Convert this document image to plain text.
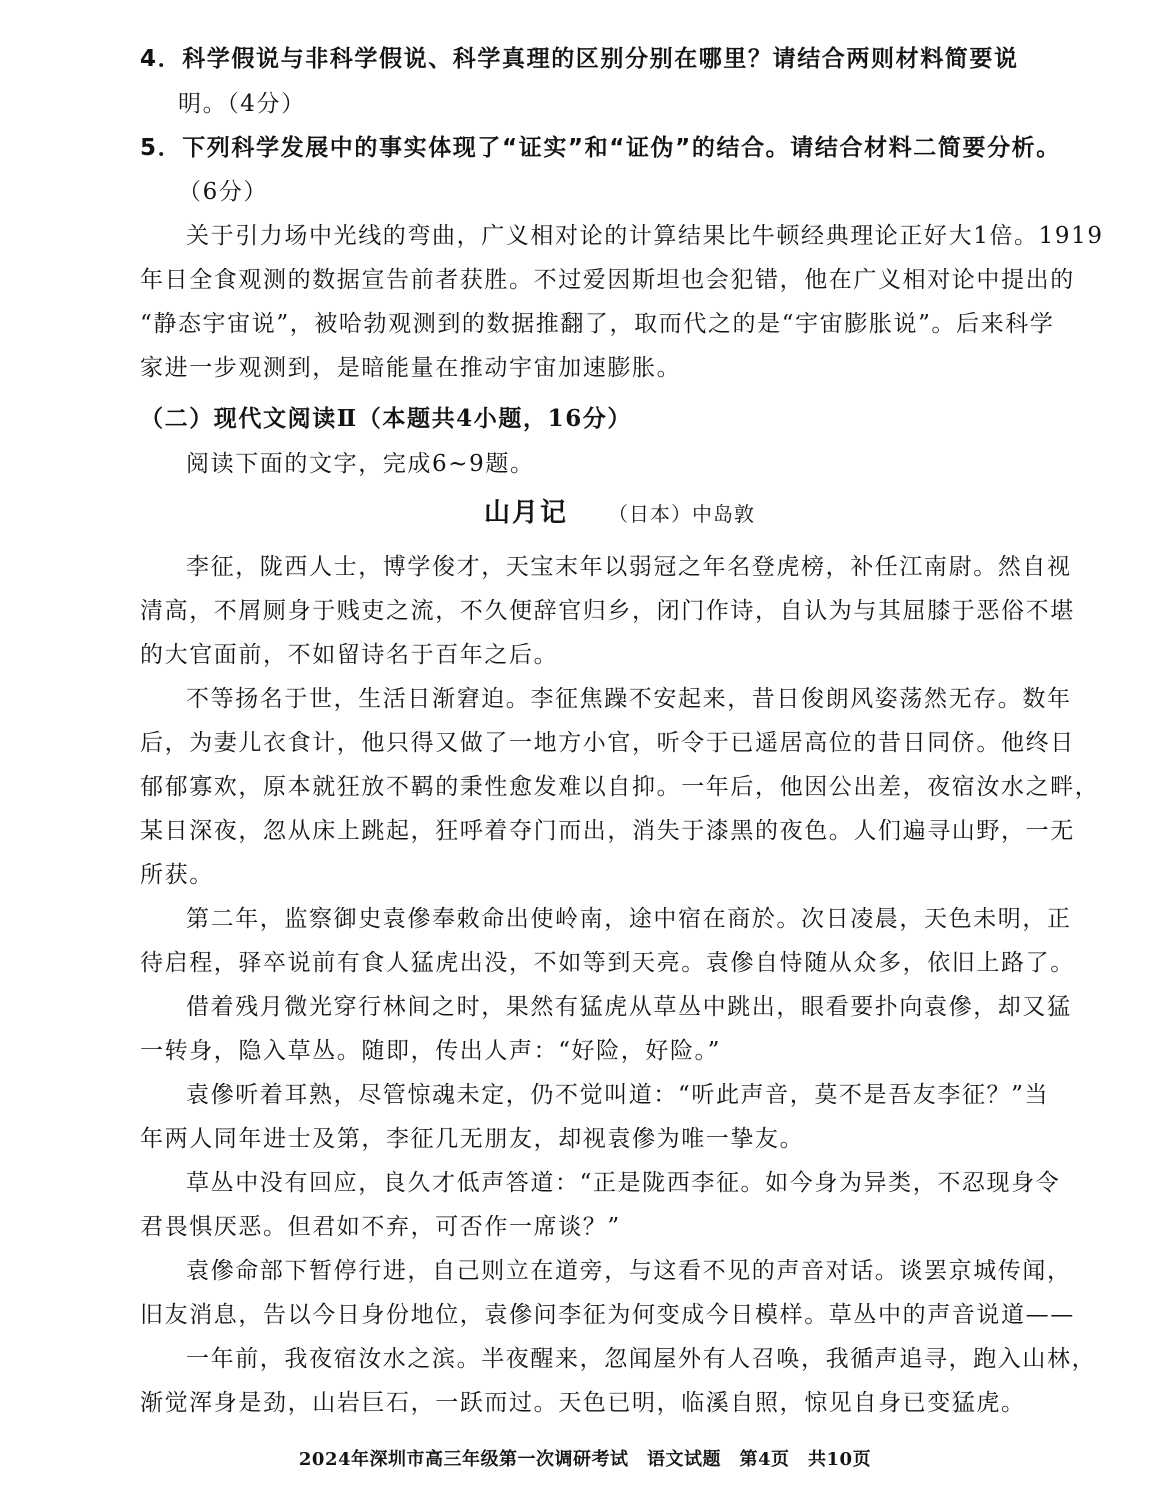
4．科学假说与非科学假说、科学真理的区别分别在哪里？请结合两则材料简要说
明。（4分）
5．下列科学发展中的事实体现了“证实”和“证伪”的结合。请结合材料二简要分析。
（6分）
关于引力场中光线的弯曲，广义相对论的计算结果比牛顿经典理论正好大1倍。1919
年日全食观测的数据宣告前者获胜。不过爱因斯坦也会犯错，他在广义相对论中提出的
“静态宇宙说”，被哈勃观测到的数据推翻了，取而代之的是“宇宙膨胀说”。后来科学
家进一步观测到，是暗能量在推动宇宙加速膨胀。
（二）现代文阅读Ⅱ（本题共4小题，16分）
阅读下面的文字，完成6~9题。
山月记 （日本）中岛敦
李征，陇西人士，博学俊才，天宝末年以弱冠之年名登虎榜，补任江南尉。然自视
清高，不屑厕身于贱吏之流，不久便辞官归乡，闭门作诗，自认为与其屈膝于恶俗不堪
的大官面前，不如留诗名于百年之后。
不等扬名于世，生活日渐窘迫。李征焦躁不安起来，昔日俊朗风姿荡然无存。数年
后，为妻儿衣食计，他只得又做了一地方小官，听令于已遥居高位的昔日同侪。他终日
郁郁寡欢，原本就狂放不羁的秉性愈发难以自抑。一年后，他因公出差，夜宿汝水之畔，
某日深夜，忽从床上跳起，狂呼着夺门而出，消失于漆黑的夜色。人们遍寻山野，一无
所获。
第二年，监察御史袁傪奉敕命出使岭南，途中宿在商於。次日凌晨，天色未明，正
待启程，驿卒说前有食人猛虎出没，不如等到天亮。袁傪自恃随从众多，依旧上路了。
借着残月微光穿行林间之时，果然有猛虎从草丛中跳出，眼看要扑向袁傪，却又猛
一转身，隐入草丛。随即，传出人声：“好险，好险。”
袁傪听着耳熟，尽管惊魂未定，仍不觉叫道：“听此声音，莫不是吾友李征？”当
年两人同年进士及第，李征几无朋友，却视袁傪为唯一挚友。
草丛中没有回应，良久才低声答道：“正是陇西李征。如今身为异类，不忍现身令
君畏惧厌恶。但君如不弃，可否作一席谈？”
袁傪命部下暂停行进，自己则立在道旁，与这看不见的声音对话。谈罢京城传闻，
旧友消息，告以今日身份地位，袁傪问李征为何变成今日模样。草丛中的声音说道——
一年前，我夜宿汝水之滨。半夜醒来，忽闻屋外有人召唤，我循声追寻，跑入山林，
渐觉浑身是劲，山岩巨石，一跃而过。天色已明，临溪自照，惊见自身已变猛虎。
2024年深圳市高三年级第一次调研考试　语文试题　第4页　共10页
